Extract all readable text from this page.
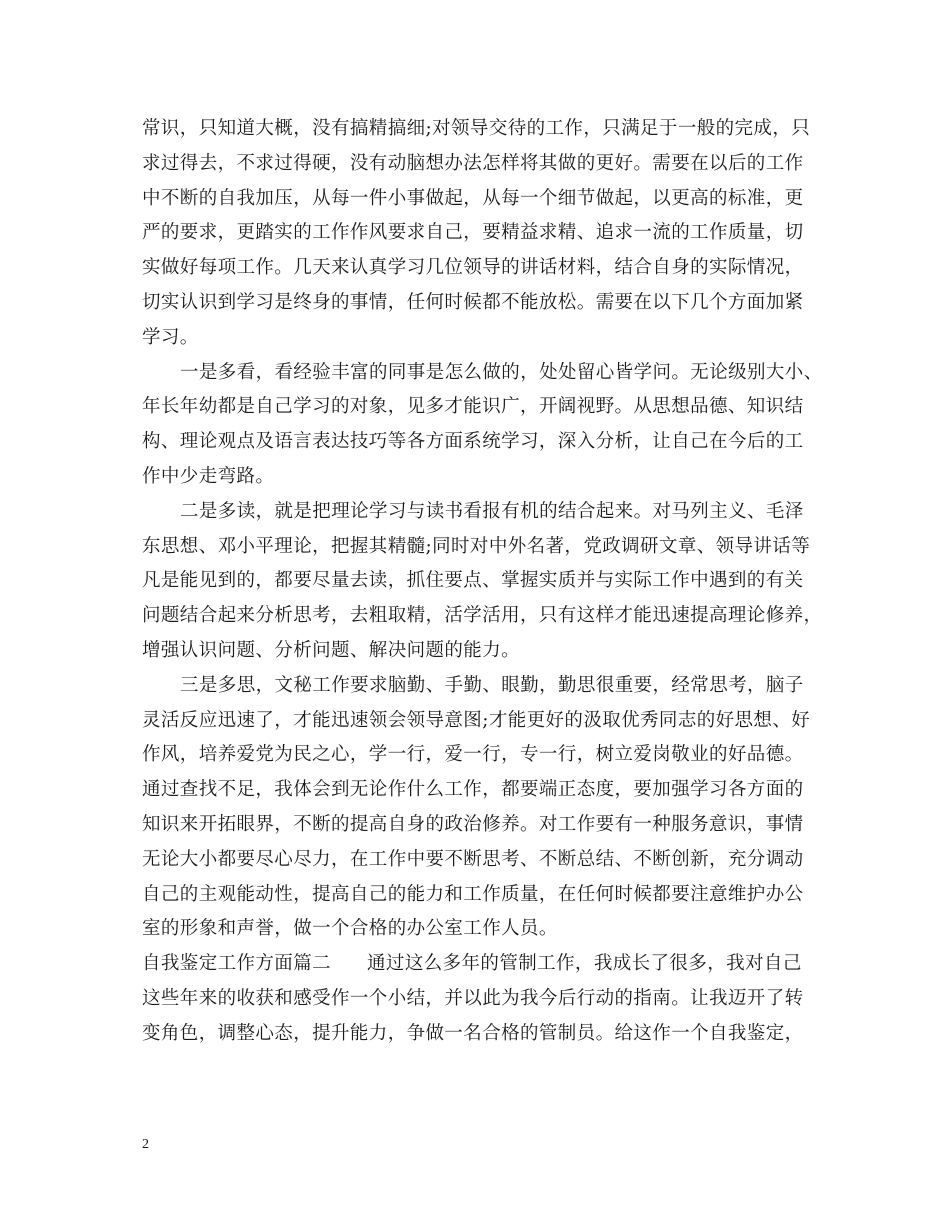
常识，只知道大概，没有搞精搞细;对领导交待的工作，只满足于一般的完成，只
求过得去，不求过得硬，没有动脑想办法怎样将其做的更好。需要在以后的工作
中不断的自我加压，从每一件小事做起，从每一个细节做起，以更高的标准，更
严的要求，更踏实的工作作风要求自己，要精益求精、追求一流的工作质量，切
实做好每项工作。几天来认真学习几位领导的讲话材料，结合自身的实际情况，
切实认识到学习是终身的事情，任何时候都不能放松。需要在以下几个方面加紧
学习。
一是多看，看经验丰富的同事是怎么做的，处处留心皆学问。无论级别大小、
年长年幼都是自己学习的对象，见多才能识广，开阔视野。从思想品德、知识结
构、理论观点及语言表达技巧等各方面系统学习，深入分析，让自己在今后的工
作中少走弯路。
二是多读，就是把理论学习与读书看报有机的结合起来。对马列主义、毛泽
东思想、邓小平理论，把握其精髓;同时对中外名著，党政调研文章、领导讲话等
凡是能见到的，都要尽量去读，抓住要点、掌握实质并与实际工作中遇到的有关
问题结合起来分析思考，去粗取精，活学活用，只有这样才能迅速提高理论修养，
增强认识问题、分析问题、解决问题的能力。
三是多思，文秘工作要求脑勤、手勤、眼勤，勤思很重要，经常思考，脑子
灵活反应迅速了，才能迅速领会领导意图;才能更好的汲取优秀同志的好思想、好
作风，培养爱党为民之心，学一行，爱一行，专一行，树立爱岗敬业的好品德。
通过查找不足，我体会到无论作什么工作，都要端正态度，要加强学习各方面的
知识来开拓眼界，不断的提高自身的政治修养。对工作要有一种服务意识，事情
无论大小都要尽心尽力，在工作中要不断思考、不断总结、不断创新，充分调动
自己的主观能动性，提高自己的能力和工作质量，在任何时候都要注意维护办公
室的形象和声誉，做一个合格的办公室工作人员。
自我鉴定工作方面篇二 通过这么多年的管制工作，我成长了很多，我对自己
这些年来的收获和感受作一个小结，并以此为我今后行动的指南。让我迈开了转
变角色，调整心态，提升能力，争做一名合格的管制员。给这作一个自我鉴定，
2
